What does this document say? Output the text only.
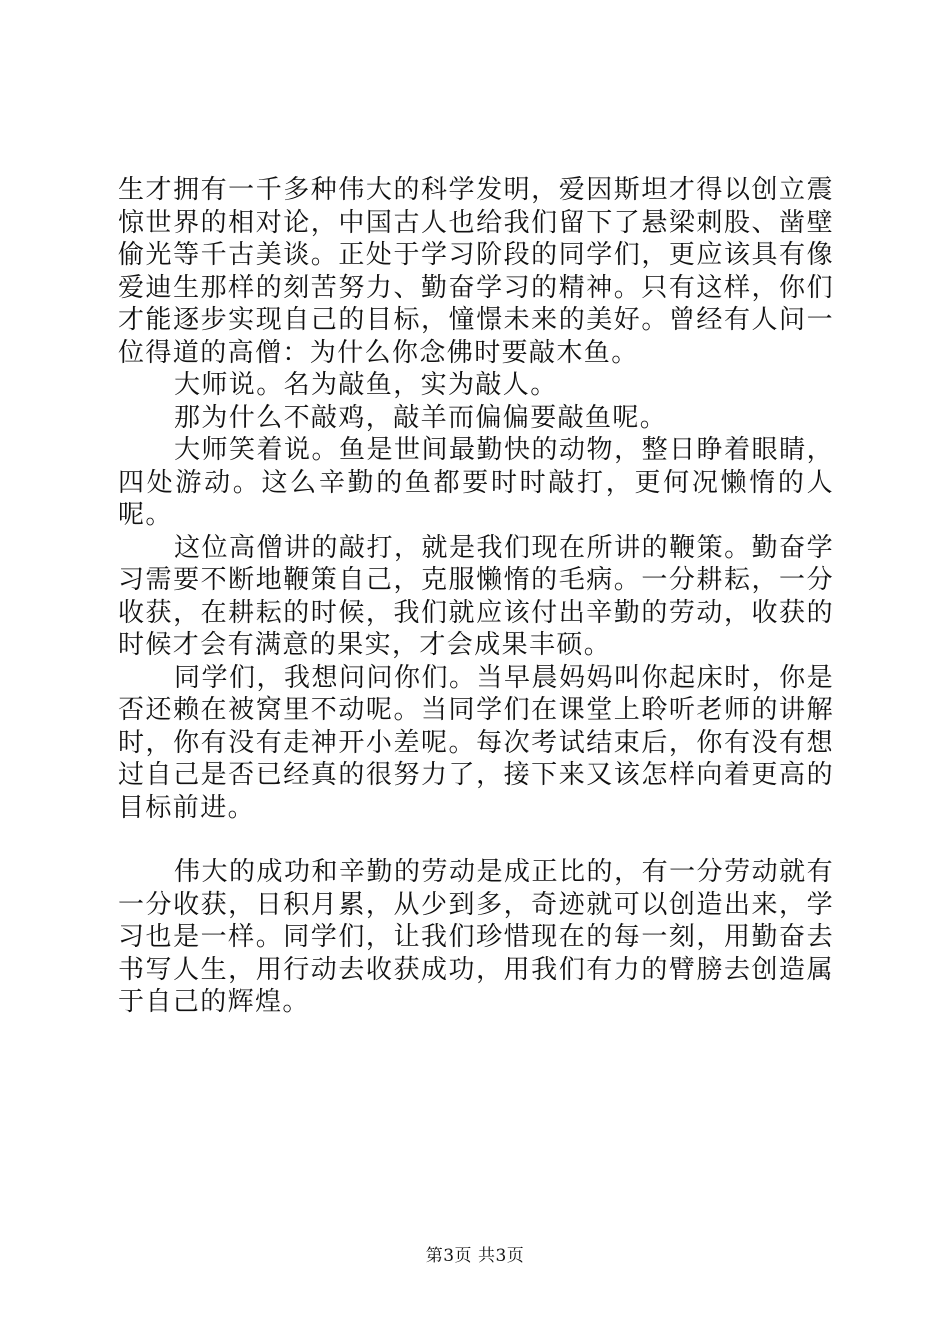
生才拥有一千多种伟大的科学发明，爱因斯坦才得以创立震惊世界的相对论，中国古人也给我们留下了悬梁刺股、凿壁偷光等千古美谈。正处于学习阶段的同学们，更应该具有像爱迪生那样的刻苦努力、勤奋学习的精神。只有这样，你们才能逐步实现自己的目标，憧憬未来的美好。曾经有人问一位得道的高僧：为什么你念佛时要敲木鱼。

大师说。名为敲鱼，实为敲人。

那为什么不敲鸡，敲羊而偏偏要敲鱼呢。

大师笑着说。鱼是世间最勤快的动物，整日睁着眼睛，四处游动。这么辛勤的鱼都要时时敲打，更何况懒惰的人呢。

这位高僧讲的敲打，就是我们现在所讲的鞭策。勤奋学习需要不断地鞭策自己，克服懒惰的毛病。一分耕耘，一分收获，在耕耘的时候，我们就应该付出辛勤的劳动，收获的时候才会有满意的果实，才会成果丰硕。

同学们，我想问问你们。当早晨妈妈叫你起床时，你是否还赖在被窝里不动呢。当同学们在课堂上聆听老师的讲解时，你有没有走神开小差呢。每次考试结束后，你有没有想过自己是否已经真的很努力了，接下来又该怎样向着更高的目标前进。

伟大的成功和辛勤的劳动是成正比的，有一分劳动就有一分收获，日积月累，从少到多，奇迹就可以创造出来，学习也是一样。同学们，让我们珍惜现在的每一刻，用勤奋去书写人生，用行动去收获成功，用我们有力的臂膀去创造属于自己的辉煌。

第3页 共3页
